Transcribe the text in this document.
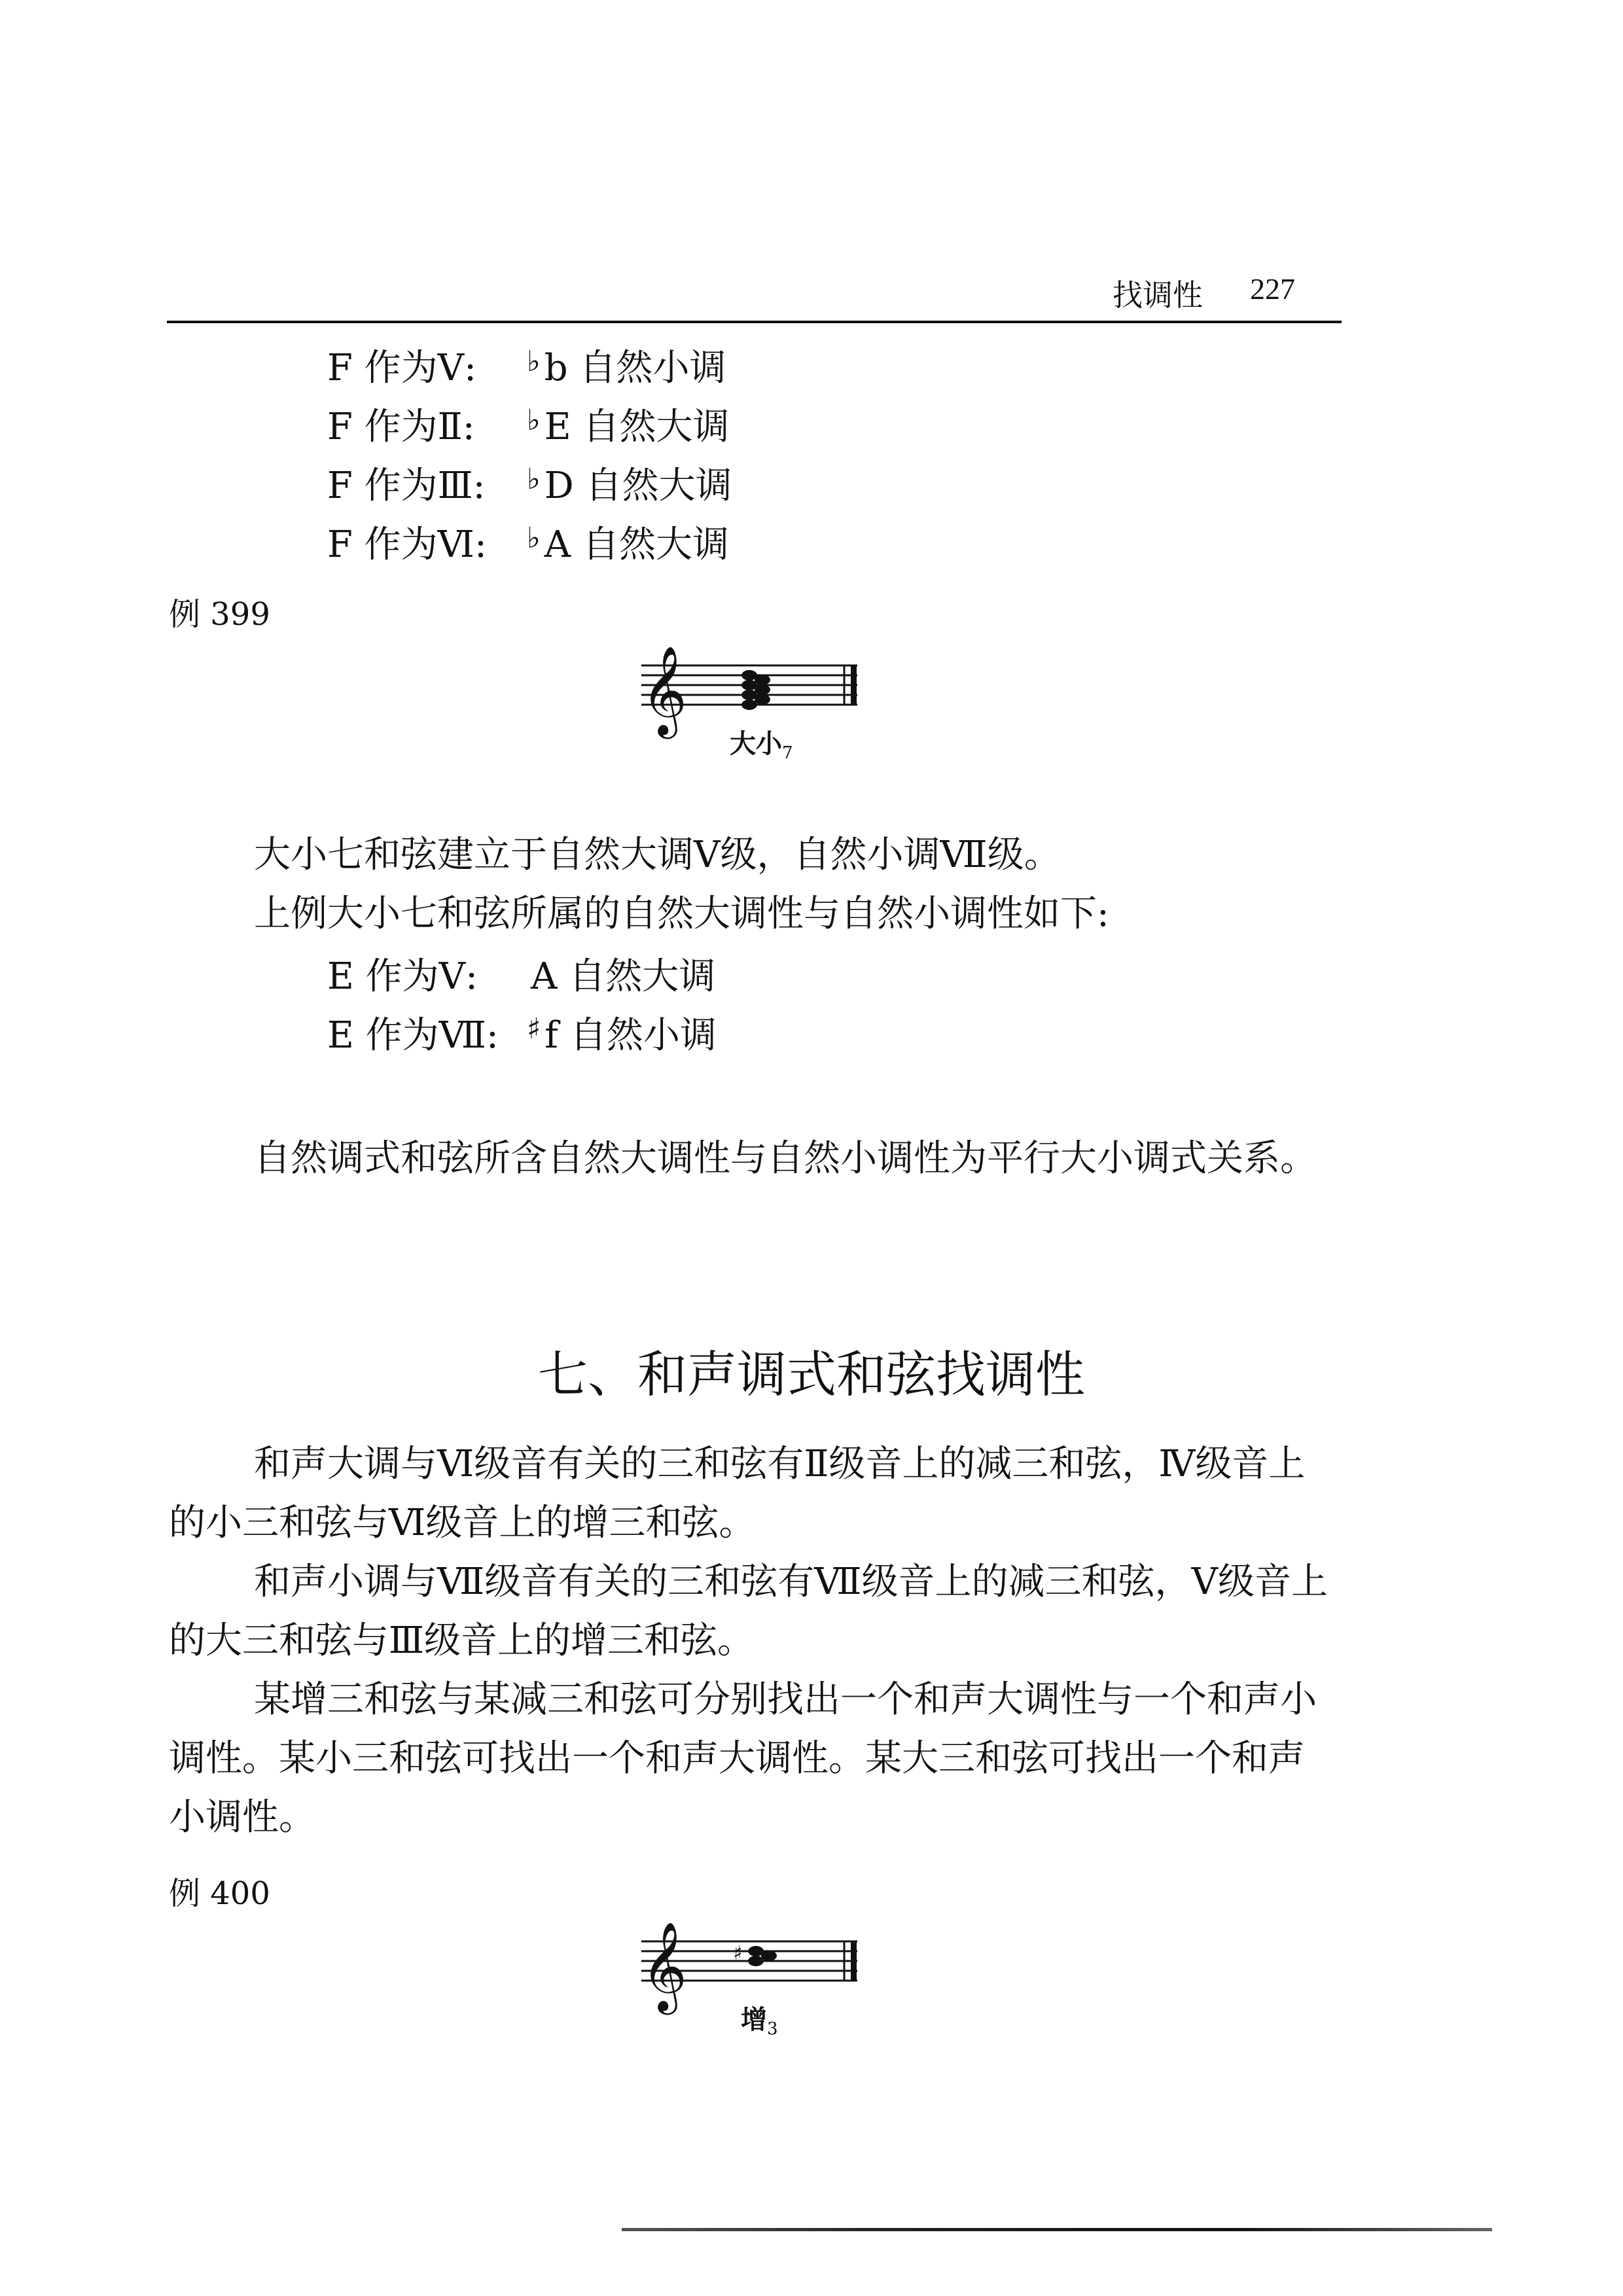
找调性 227
F 作为Ⅴ: ♭ b 自然小调
F 作为Ⅱ: ♭ E 自然大调
F 作为Ⅲ: ♭ D 自然大调
F 作为Ⅵ: ♭ A 自然大调
例 399
𝄞
大小$_7$

大小七和弦建立于自然大调Ⅴ级，自然小调Ⅶ级。

上例大小七和弦所属的自然大调性与自然小调性如下:

E 作为Ⅴ: A 自然大调
E 作为Ⅶ: ♯ f 自然小调

自然调式和弦所含自然大调性与自然小调性为平行大小调式关系。

七、和声调式和弦找调性

和声大调与Ⅵ级音有关的三和弦有Ⅱ级音上的减三和弦，Ⅳ级音上的小三和弦与Ⅵ级音上的增三和弦。

和声小调与Ⅶ级音有关的三和弦有Ⅶ级音上的减三和弦，Ⅴ级音上的大三和弦与Ⅲ级音上的增三和弦。

某增三和弦与某减三和弦可分别找出一个和声大调性与一个和声小调性。某小三和弦可找出一个和声大调性。某大三和弦可找出一个和声小调性。

例 400
𝄞 ♯
增$_3$
